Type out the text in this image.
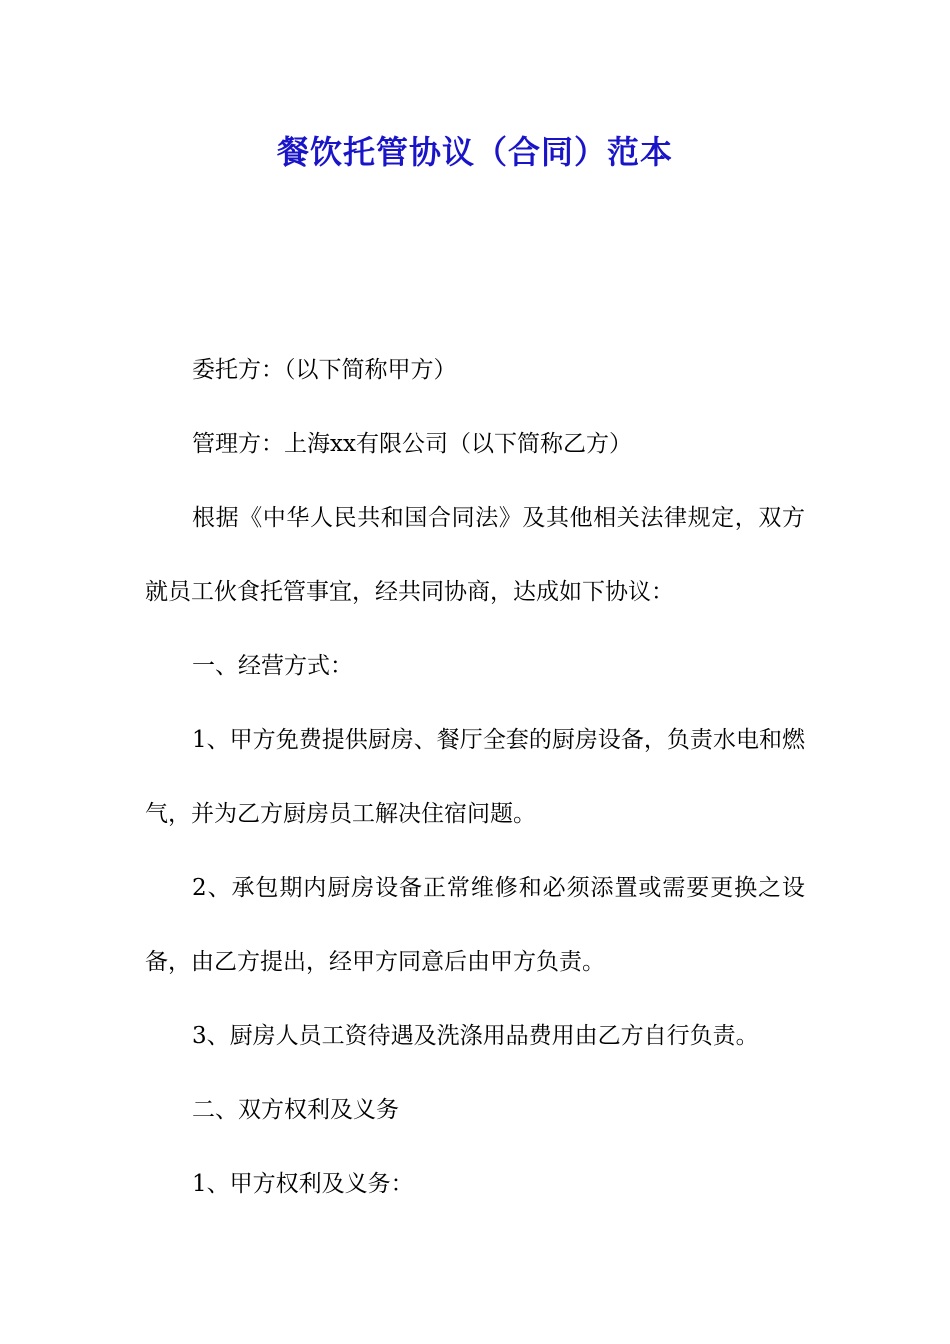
餐饮托管协议（合同）范本

委托方：（以下简称甲方）

管理方：上海xx有限公司（以下简称乙方）

根据《中华人民共和国合同法》及其他相关法律规定，双方就员工伙食托管事宜，经共同协商，达成如下协议：

一、经营方式：

1、甲方免费提供厨房、餐厅全套的厨房设备，负责水电和燃气，并为乙方厨房员工解决住宿问题。

2、承包期内厨房设备正常维修和必须添置或需要更换之设备，由乙方提出，经甲方同意后由甲方负责。

3、厨房人员工资待遇及洗涤用品费用由乙方自行负责。

二、双方权利及义务

1、甲方权利及义务：
